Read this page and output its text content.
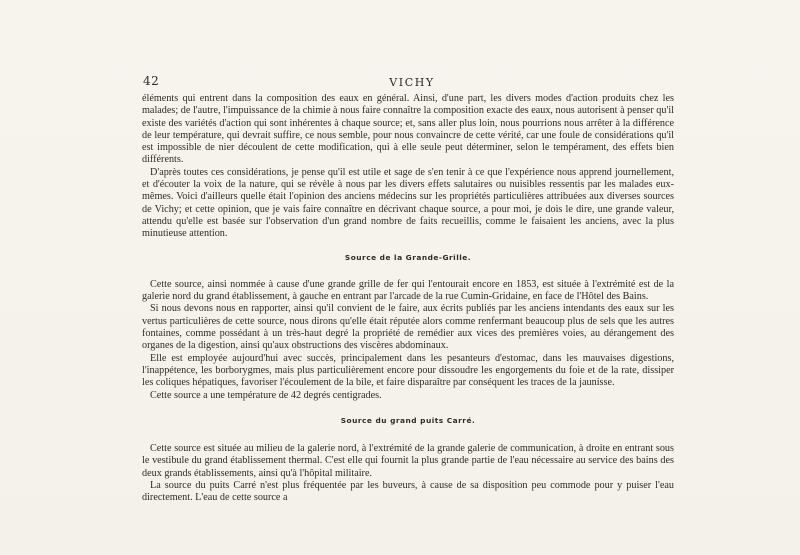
42	VICHY

éléments qui entrent dans la composition des eaux en général. Ainsi, d'une part, les divers modes d'action produits chez les malades; de l'autre, l'impuissance de la chimie à nous faire connaître la composition exacte des eaux, nous autorisent à penser qu'il existe des variétés d'action qui sont inhérentes à chaque source; et, sans aller plus loin, nous pourrions nous arrêter à la différence de leur température, qui devrait suffire, ce nous semble, pour nous convaincre de cette vérité, car une foule de considérations qu'il est impossible de nier découlent de cette modification, qui à elle seule peut déterminer, selon le tempérament, des effets bien différents.

D'après toutes ces considérations, je pense qu'il est utile et sage de s'en tenir à ce que l'expérience nous apprend journellement, et d'écouter la voix de la nature, qui se révèle à nous par les divers effets salutaires ou nuisibles ressentis par les malades eux-mêmes. Voici d'ailleurs quelle était l'opinion des anciens médecins sur les propriétés particulières attribuées aux diverses sources de Vichy; et cette opinion, que je vais faire connaître en décrivant chaque source, a pour moi, je dois le dire, une grande valeur, attendu qu'elle est basée sur l'observation d'un grand nombre de faits recueillis, comme le faisaient les anciens, avec la plus minutieuse attention.

Source de la Grande-Grille.

Cette source, ainsi nommée à cause d'une grande grille de fer qui l'entourait encore en 1853, est située à l'extrémité est de la galerie nord du grand établissement, à gauche en entrant par l'arcade de la rue Cumin-Gridaine, en face de l'Hôtel des Bains.

Si nous devons nous en rapporter, ainsi qu'il convient de le faire, aux écrits publiés par les anciens intendants des eaux sur les vertus particulières de cette source, nous dirons qu'elle était réputée alors comme renfermant beaucoup plus de sels que les autres fontaines, comme possédant à un très-haut degré la propriété de remédier aux vices des premières voies, au dérangement des organes de la digestion, ainsi qu'aux obstructions des viscères abdominaux.

Elle est employée aujourd'hui avec succès, principalement dans les pesanteurs d'estomac, dans les mauvaises digestions, l'inappétence, les borborygmes, mais plus particulièrement encore pour dissoudre les engorgements du foie et de la rate, dissiper les coliques hépatiques, favoriser l'écoulement de la bile, et faire disparaître par conséquent les traces de la jaunisse.

Cette source a une température de 42 degrés centigrades.

Source du grand puits Carré.

Cette source est située au milieu de la galerie nord, à l'extrémité de la grande galerie de communication, à droite en entrant sous le vestibule du grand établissement thermal. C'est elle qui fournit la plus grande partie de l'eau nécessaire au service des bains des deux grands établissements, ainsi qu'à l'hôpital militaire.

La source du puits Carré n'est plus fréquentée par les buveurs, à cause de sa disposition peu commode pour y puiser l'eau directement. L'eau de cette source a
